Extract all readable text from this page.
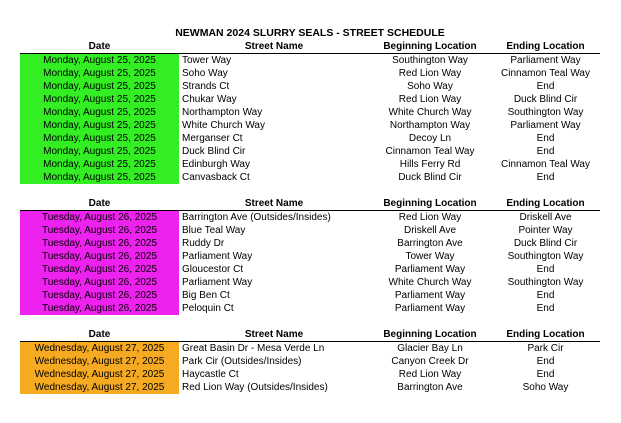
NEWMAN 2024 SLURRY SEALS - STREET SCHEDULE
Date	Street Name	Beginning Location	Ending Location
Monday, August 25, 2025	Tower Way	Southington Way	Parliament Way
Monday, August 25, 2025	Soho Way	Red Lion Way	Cinnamon Teal Way
Monday, August 25, 2025	Strands Ct	Soho Way	End
Monday, August 25, 2025	Chukar Way	Red Lion Way	Duck Blind Cir
Monday, August 25, 2025	Northampton Way	White Church Way	Southington Way
Monday, August 25, 2025	White Church Way	Northampton Way	Parliament Way
Monday, August 25, 2025	Merganser Ct	Decoy Ln	End
Monday, August 25, 2025	Duck Blind Cir	Cinnamon Teal Way	End
Monday, August 25, 2025	Edinburgh Way	Hills Ferry Rd	Cinnamon Teal Way
Monday, August 25, 2025	Canvasback Ct	Duck Blind Cir	End
Date	Street Name	Beginning Location	Ending Location
Tuesday, August 26, 2025	Barrington Ave (Outsides/Insides)	Red Lion Way	Driskell Ave
Tuesday, August 26, 2025	Blue Teal Way	Driskell Ave	Pointer Way
Tuesday, August 26, 2025	Ruddy Dr	Barrington Ave	Duck Blind Cir
Tuesday, August 26, 2025	Parliament Way	Tower Way	Southington Way
Tuesday, August 26, 2025	Gloucestor Ct	Parliament Way	End
Tuesday, August 26, 2025	Parliament Way	White Church Way	Southington Way
Tuesday, August 26, 2025	Big Ben Ct	Parliament Way	End
Tuesday, August 26, 2025	Peloquin Ct	Parliament Way	End
Date	Street Name	Beginning Location	Ending Location
Wednesday, August 27, 2025	Great Basin Dr - Mesa Verde Ln	Glacier Bay Ln	Park Cir
Wednesday, August 27, 2025	Park Cir (Outsides/Insides)	Canyon Creek Dr	End
Wednesday, August 27, 2025	Haycastle Ct	Red Lion Way	End
Wednesday, August 27, 2025	Red Lion Way (Outsides/Insides)	Barrington Ave	Soho Way
